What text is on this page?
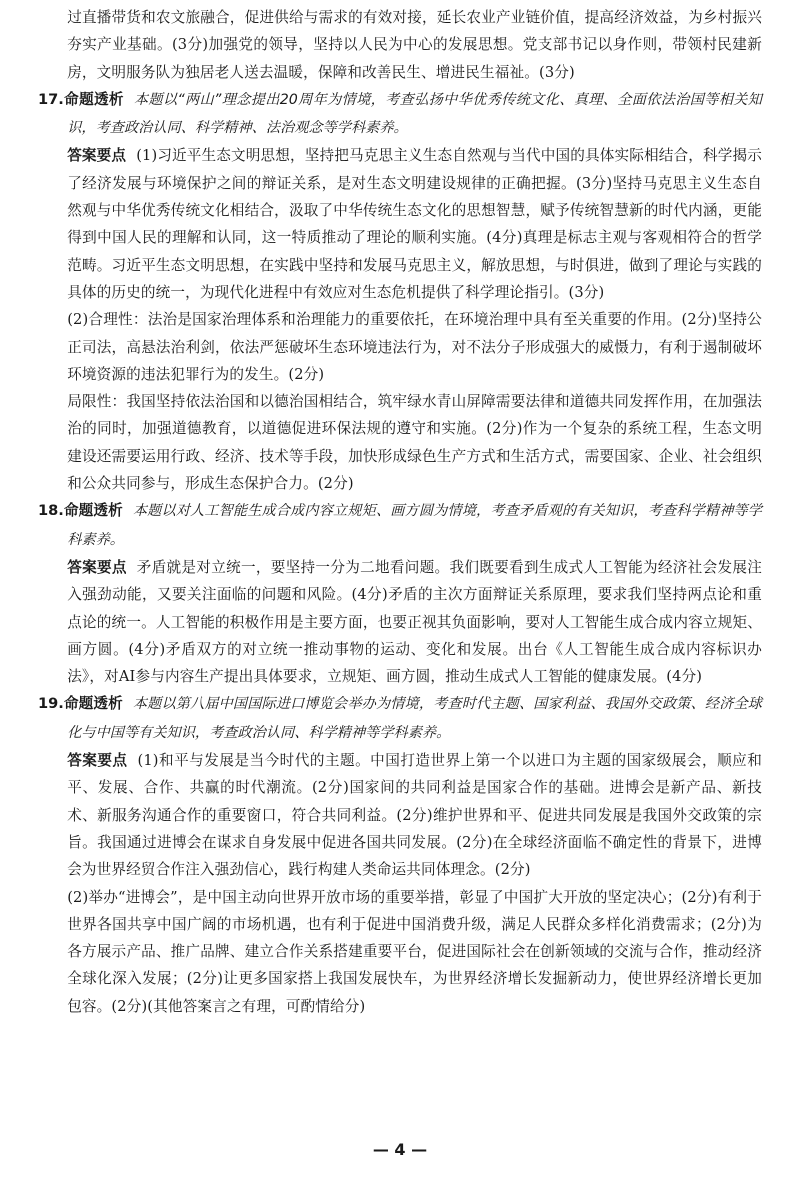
过直播带货和农文旅融合，促进供给与需求的有效对接，延长农业产业链价值，提高经济效益，为乡村振兴夯实产业基础。(3分)加强党的领导，坚持以人民为中心的发展思想。党支部书记以身作则，带领村民建新房，文明服务队为独居老人送去温暖，保障和改善民生、增进民生福祉。(3分)

17.命题透析 本题以“两山”理念提出20周年为情境，考查弘扬中华优秀传统文化、真理、全面依法治国等相关知识，考查政治认同、科学精神、法治观念等学科素养。

答案要点 (1)习近平生态文明思想，坚持把马克思主义生态自然观与当代中国的具体实际相结合，科学揭示了经济发展与环境保护之间的辩证关系，是对生态文明建设规律的正确把握。(3分)坚持马克思主义生态自然观与中华优秀传统文化相结合，汲取了中华传统生态文化的思想智慧，赋予传统智慧新的时代内涵，更能得到中国人民的理解和认同，这一特质推动了理论的顺利实施。(4分)真理是标志主观与客观相符合的哲学范畴。习近平生态文明思想，在实践中坚持和发展马克思主义，解放思想，与时俱进，做到了理论与实践的具体的历史的统一，为现代化进程中有效应对生态危机提供了科学理论指引。(3分)

(2)合理性：法治是国家治理体系和治理能力的重要依托，在环境治理中具有至关重要的作用。(2分)坚持公正司法，高悬法治利剑，依法严惩破坏生态环境违法行为，对不法分子形成强大的威慑力，有利于遏制破坏环境资源的违法犯罪行为的发生。(2分)

局限性：我国坚持依法治国和以德治国相结合，筑牢绿水青山屏障需要法律和道德共同发挥作用，在加强法治的同时，加强道德教育，以道德促进环保法规的遵守和实施。(2分)作为一个复杂的系统工程，生态文明建设还需要运用行政、经济、技术等手段，加快形成绿色生产方式和生活方式，需要国家、企业、社会组织和公众共同参与，形成生态保护合力。(2分)

18.命题透析 本题以对人工智能生成合成内容立规矩、画方圆为情境，考查矛盾观的有关知识，考查科学精神等学科素养。

答案要点 矛盾就是对立统一，要坚持一分为二地看问题。我们既要看到生成式人工智能为经济社会发展注入强劲动能，又要关注面临的问题和风险。(4分)矛盾的主次方面辩证关系原理，要求我们坚持两点论和重点论的统一。人工智能的积极作用是主要方面，也要正视其负面影响，要对人工智能生成合成内容立规矩、画方圆。(4分)矛盾双方的对立统一推动事物的运动、变化和发展。出台《人工智能生成合成内容标识办法》，对AI参与内容生产提出具体要求，立规矩、画方圆，推动生成式人工智能的健康发展。(4分)

19.命题透析 本题以第八届中国国际进口博览会举办为情境，考查时代主题、国家利益、我国外交政策、经济全球化与中国等有关知识，考查政治认同、科学精神等学科素养。

答案要点 (1)和平与发展是当今时代的主题。中国打造世界上第一个以进口为主题的国家级展会，顺应和平、发展、合作、共赢的时代潮流。(2分)国家间的共同利益是国家合作的基础。进博会是新产品、新技术、新服务沟通合作的重要窗口，符合共同利益。(2分)维护世界和平、促进共同发展是我国外交政策的宗旨。我国通过进博会在谋求自身发展中促进各国共同发展。(2分)在全球经济面临不确定性的背景下，进博会为世界经贸合作注入强劲信心，践行构建人类命运共同体理念。(2分)

(2)举办“进博会”，是中国主动向世界开放市场的重要举措，彰显了中国扩大开放的坚定决心；(2分)有利于世界各国共享中国广阔的市场机遇，也有利于促进中国消费升级，满足人民群众多样化消费需求；(2分)为各方展示产品、推广品牌、建立合作关系搭建重要平台，促进国际社会在创新领域的交流与合作，推动经济全球化深入发展；(2分)让更多国家搭上我国发展快车，为世界经济增长发掘新动力，使世界经济增长更加包容。(2分)(其他答案言之有理，可酌情给分)

— 4 —
